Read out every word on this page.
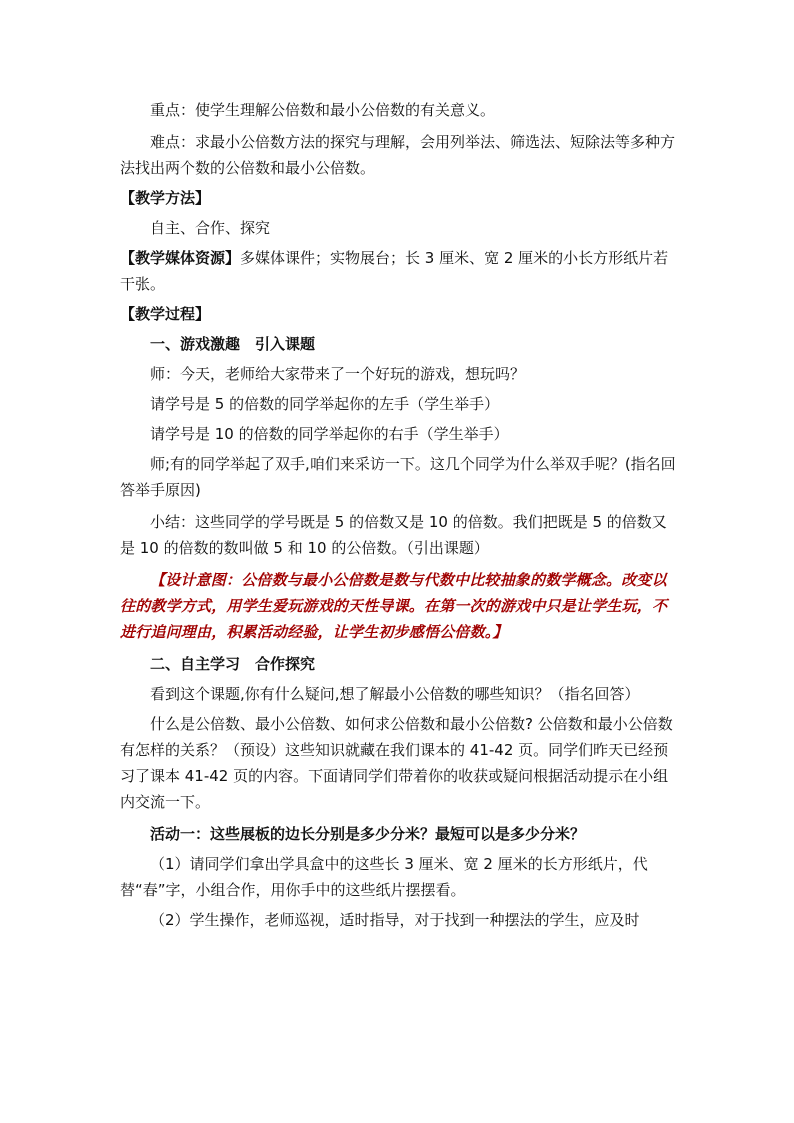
重点：使学生理解公倍数和最小公倍数的有关意义。

难点：求最小公倍数方法的探究与理解，会用列举法、筛选法、短除法等多种方法找出两个数的公倍数和最小公倍数。

【教学方法】

自主、合作、探究

【教学媒体资源】多媒体课件；实物展台；长 3 厘米、宽 2 厘米的小长方形纸片若干张。

【教学过程】

一、游戏激趣　引入课题

师：今天，老师给大家带来了一个好玩的游戏，想玩吗？

请学号是 5 的倍数的同学举起你的左手（学生举手）

请学号是 10 的倍数的同学举起你的右手（学生举手）

师;有的同学举起了双手,咱们来采访一下。这几个同学为什么举双手呢？(指名回答举手原因)

小结：这些同学的学号既是 5 的倍数又是 10 的倍数。我们把既是 5 的倍数又是 10 的倍数的数叫做 5 和 10 的公倍数。（引出课题）

【设计意图：公倍数与最小公倍数是数与代数中比较抽象的数学概念。改变以往的教学方式，用学生爱玩游戏的天性导课。在第一次的游戏中只是让学生玩，不进行追问理由，积累活动经验，让学生初步感悟公倍数。】

二、自主学习　合作探究

看到这个课题,你有什么疑问,想了解最小公倍数的哪些知识？（指名回答）

什么是公倍数、最小公倍数、如何求公倍数和最小公倍数? 公倍数和最小公倍数有怎样的关系？（预设）这些知识就藏在我们课本的 41-42 页。同学们昨天已经预习了课本 41-42 页的内容。下面请同学们带着你的收获或疑问根据活动提示在小组内交流一下。

活动一：这些展板的边长分别是多少分米？最短可以是多少分米？

（1）请同学们拿出学具盒中的这些长 3 厘米、宽 2 厘米的长方形纸片，代替“春”字，小组合作，用你手中的这些纸片摆摆看。

（2）学生操作，老师巡视，适时指导，对于找到一种摆法的学生，应及时
